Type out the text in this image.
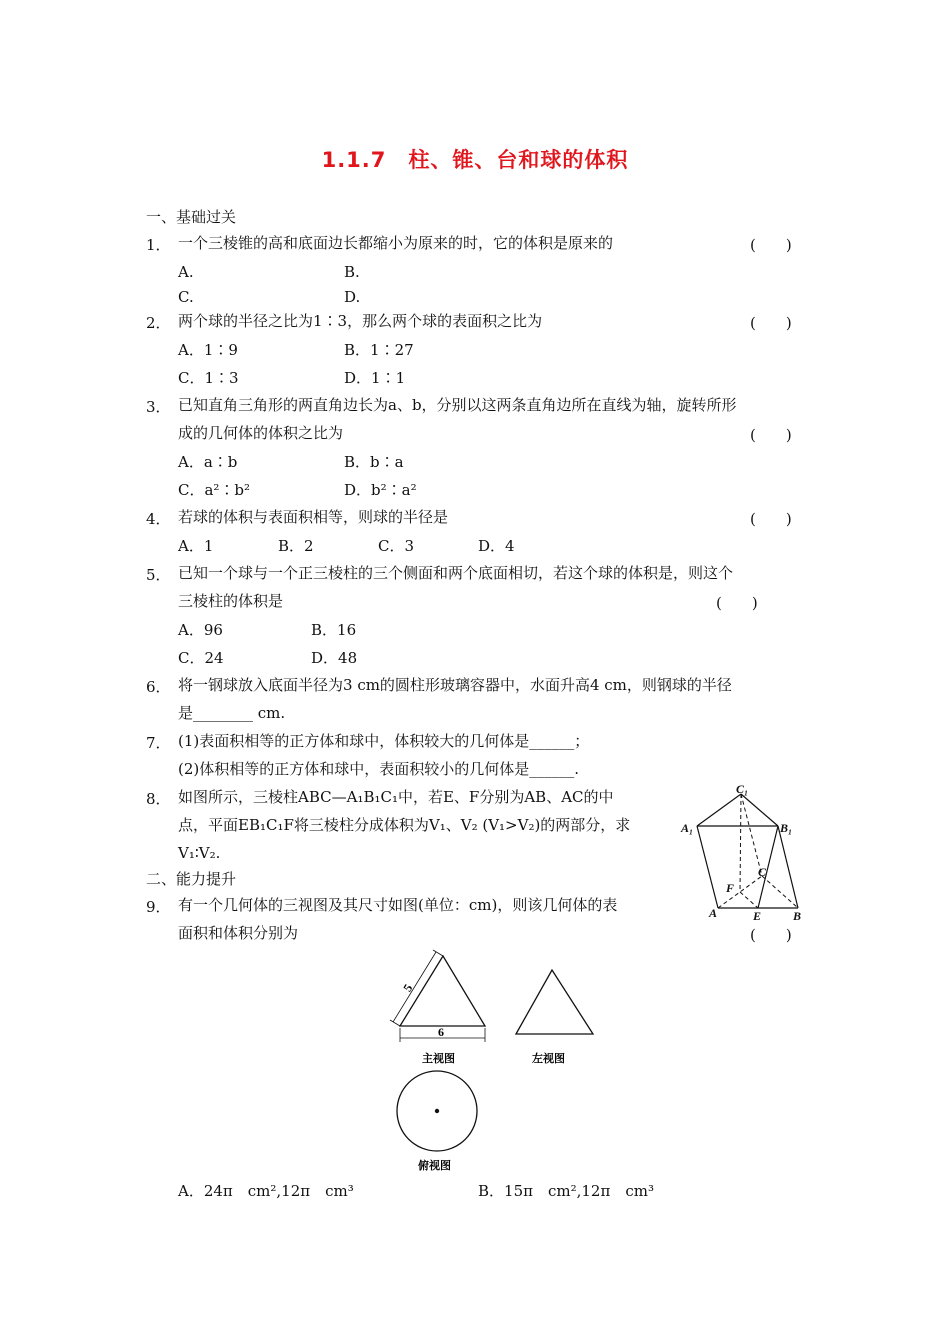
1.1.7　柱、锥、台和球的体积
一、基础过关
1． 一个三棱锥的高和底面边长都缩小为原来的时，它的体积是原来的	(　　)
A.	B.
C.	D.
2． 两个球的半径之比为1∶3，那么两个球的表面积之比为	(　　)
A．1∶9	B．1∶27
C．1∶3	D．1∶1
3． 已知直角三角形的两直角边长为a、b，分别以这两条直角边所在直线为轴，旋转所形
成的几何体的体积之比为	(　　)
A．a∶b	B．b∶a
C．a²∶b²	D．b²∶a²
4． 若球的体积与表面积相等，则球的半径是	(　　)
A．1	B．2	C．3	D．4
5． 已知一个球与一个正三棱柱的三个侧面和两个底面相切，若这个球的体积是，则这个
三棱柱的体积是	(　　)
A．96	B．16
C．24	D．48
6． 将一钢球放入底面半径为3 cm的圆柱形玻璃容器中，水面升高4 cm，则钢球的半径
是________ cm.
7． (1)表面积相等的正方体和球中，体积较大的几何体是______；
(2)体积相等的正方体和球中，表面积较小的几何体是______.
8． 如图所示，三棱柱ABC—A₁B₁C₁中，若E、F分别为AB、AC的中
点，平面EB₁C₁F将三棱柱分成体积为V₁、V₂ (V₁>V₂)的两部分，求
V₁∶V₂.
C₁
A₁	B₁
C
F
A	E	B
二、能力提升
9． 有一个几何体的三视图及其尺寸如图(单位：cm)，则该几何体的表
面积和体积分别为	(　　)
5
6
主视图	左视图
俯视图
A．24π　cm²,12π　cm³	B．15π　cm²,12π　cm³
